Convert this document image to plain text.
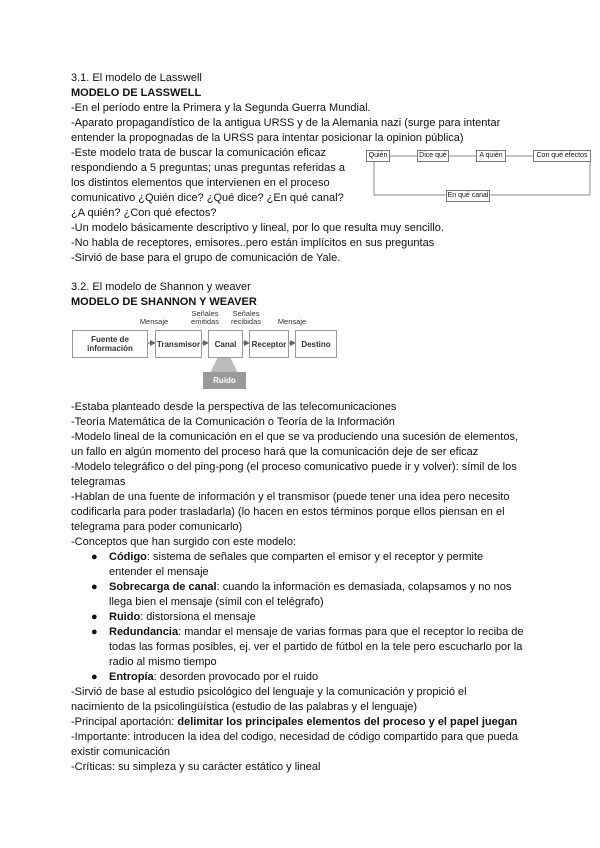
3.1. El modelo de Lasswell
MODELO DE LASSWELL
-En el período entre la Primera y la Segunda Guerra Mundial.
-Aparato propagandístico de la antigua URSS y de la Alemania nazi (surge para intentar
entender la propognadas de la URSS para intentar posicionar la opinion pública)
-Este modelo trata de buscar la comunicación eficaz
respondiendo a 5 preguntas; unas preguntas referidas a
los distintos elementos que intervienen en el proceso
comunicativo ¿Quién dice? ¿Qué dice? ¿En qué canal?
¿A quién? ¿Con qué efectos?
-Un modelo básicamente descriptivo y lineal, por lo que resulta muy sencillo.
-No habla de receptores, emisores..pero están implícitos en sus preguntas
-Sirvió de base para el grupo de comunicación de Yale.
Quién	Dice qué	A quién	Con qué efectos
En qué canal
3.2. El modelo de Shannon y weaver
MODELO DE SHANNON Y WEAVER
Fuente de información	Transmisor	Canal	Receptor	Destino
Mensaje
Señales emitidas
Señales recibidas	Mensaje
Ruido
-Estaba planteado desde la perspectiva de las telecomunicaciones
-Teoría Matemática de la Comunicación o Teoría de la Información
-Modelo lineal de la comunicación en el que se va produciendo una sucesión de elementos,
un fallo en algún momento del proceso hará que la comunicación deje de ser eficaz
-Modelo telegráfico o del ping-pong (el proceso comunicativo puede ir y volver): símil de los
telegramas
-Hablan de una fuente de información y el transmisor (puede tener una idea pero necesito
codificarla para poder trasladarla) (lo hacen en estos términos porque ellos piensan en el
telegrama para poder comunicarlo)
-Conceptos que han surgido con este modelo:
● Código: sistema de señales que comparten el emisor y el receptor y permite
entender el mensaje
● Sobrecarga de canal: cuando la información es demasiada, colapsamos y no nos
llega bien el mensaje (símil con el telégrafo)
● Ruido: distorsiona el mensaje
● Redundancia: mandar el mensaje de varias formas para que el receptor lo reciba de
todas las formas posibles, ej. ver el partido de fútbol en la tele pero escucharlo por la
radio al mismo tiempo
● Entropía: desorden provocado por el ruido
-Sirvió de base al estudio psicológico del lenguaje y la comunicación y propició el
nacimiento de la psicolingüística (estudio de las palabras y el lenguaje)
-Principal aportación: delimitar los principales elementos del proceso y el papel juegan
-Importante: introducen la idea del codigo, necesidad de código compartido para que pueda
existir comunicación
-Críticas: su simpleza y su carácter estático y lineal
